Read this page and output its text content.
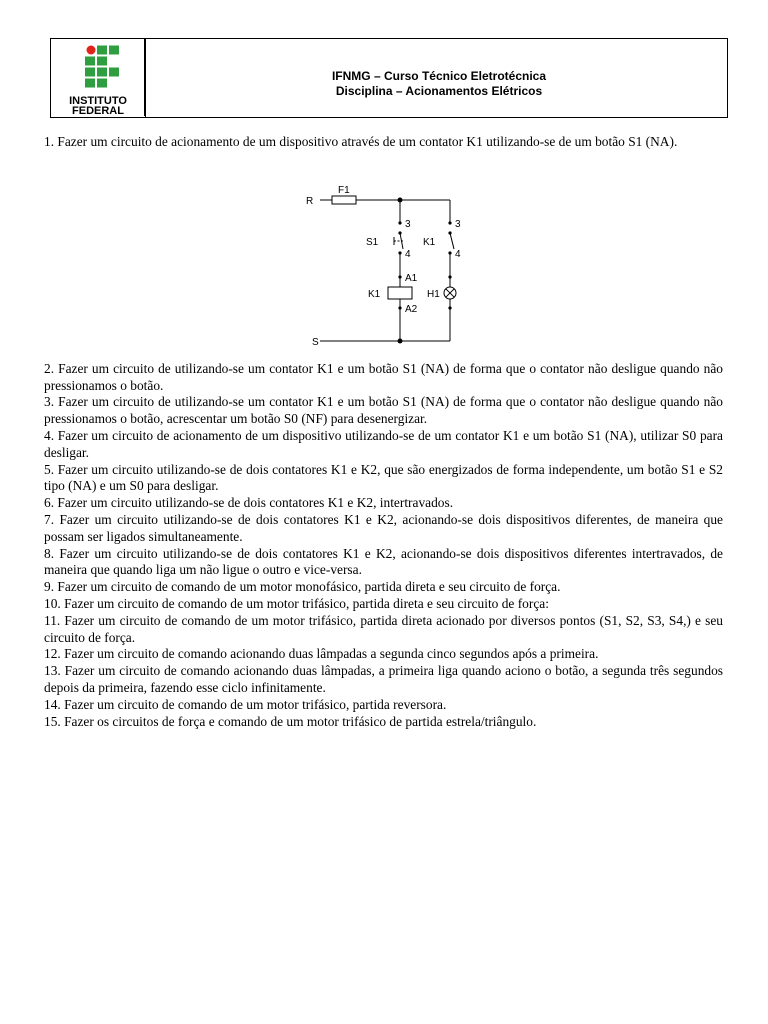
INSTITUTO
FEDERAL
IFNMG – Curso Técnico Eletrotécnica
Disciplina – Acionamentos Elétricos

1. Fazer um circuito de acionamento de um dispositivo através de um contator K1 utilizando-se de um botão S1 (NA).

R
S
F1
3	3
4	4
S1	K1
A1
A2
K1	H1

2. Fazer um circuito de utilizando-se um contator K1 e um botão S1 (NA) de forma que o contator não desligue quando não pressionamos o botão.

3. Fazer um circuito de utilizando-se um contator K1 e um botão S1 (NA) de forma que o contator não desligue quando não pressionamos o botão, acrescentar um botão S0 (NF) para desenergizar.

4. Fazer um circuito de acionamento de um dispositivo utilizando-se de um contator K1 e um botão S1 (NA), utilizar S0 para desligar.

5. Fazer um circuito utilizando-se de dois contatores K1 e K2, que são energizados de forma independente, um botão S1 e S2 tipo (NA) e um S0 para desligar.

6. Fazer um circuito utilizando-se de dois contatores K1 e K2, intertravados.

7. Fazer um circuito utilizando-se de dois contatores K1 e K2, acionando-se dois dispositivos diferentes, de maneira que possam ser ligados simultaneamente.

8. Fazer um circuito utilizando-se de dois contatores K1 e K2, acionando-se dois dispositivos diferentes intertravados, de maneira que quando liga um não ligue o outro e vice-versa.

9. Fazer um circuito de comando de um motor monofásico, partida direta e seu circuito de força.

10. Fazer um circuito de comando de um motor trifásico, partida direta e seu circuito de força:

11. Fazer um circuito de comando de um motor trifásico, partida direta acionado por diversos pontos (S1, S2, S3, S4,) e seu circuito de força.

12. Fazer um circuito de comando acionando duas lâmpadas a segunda cinco segundos após a primeira.

13. Fazer um circuito de comando acionando duas lâmpadas, a primeira liga quando aciono o botão, a segunda três segundos depois da primeira, fazendo esse ciclo infinitamente.

14. Fazer um circuito de comando de um motor trifásico, partida reversora.

15. Fazer os circuitos de força e comando de um motor trifásico de partida estrela/triângulo.
